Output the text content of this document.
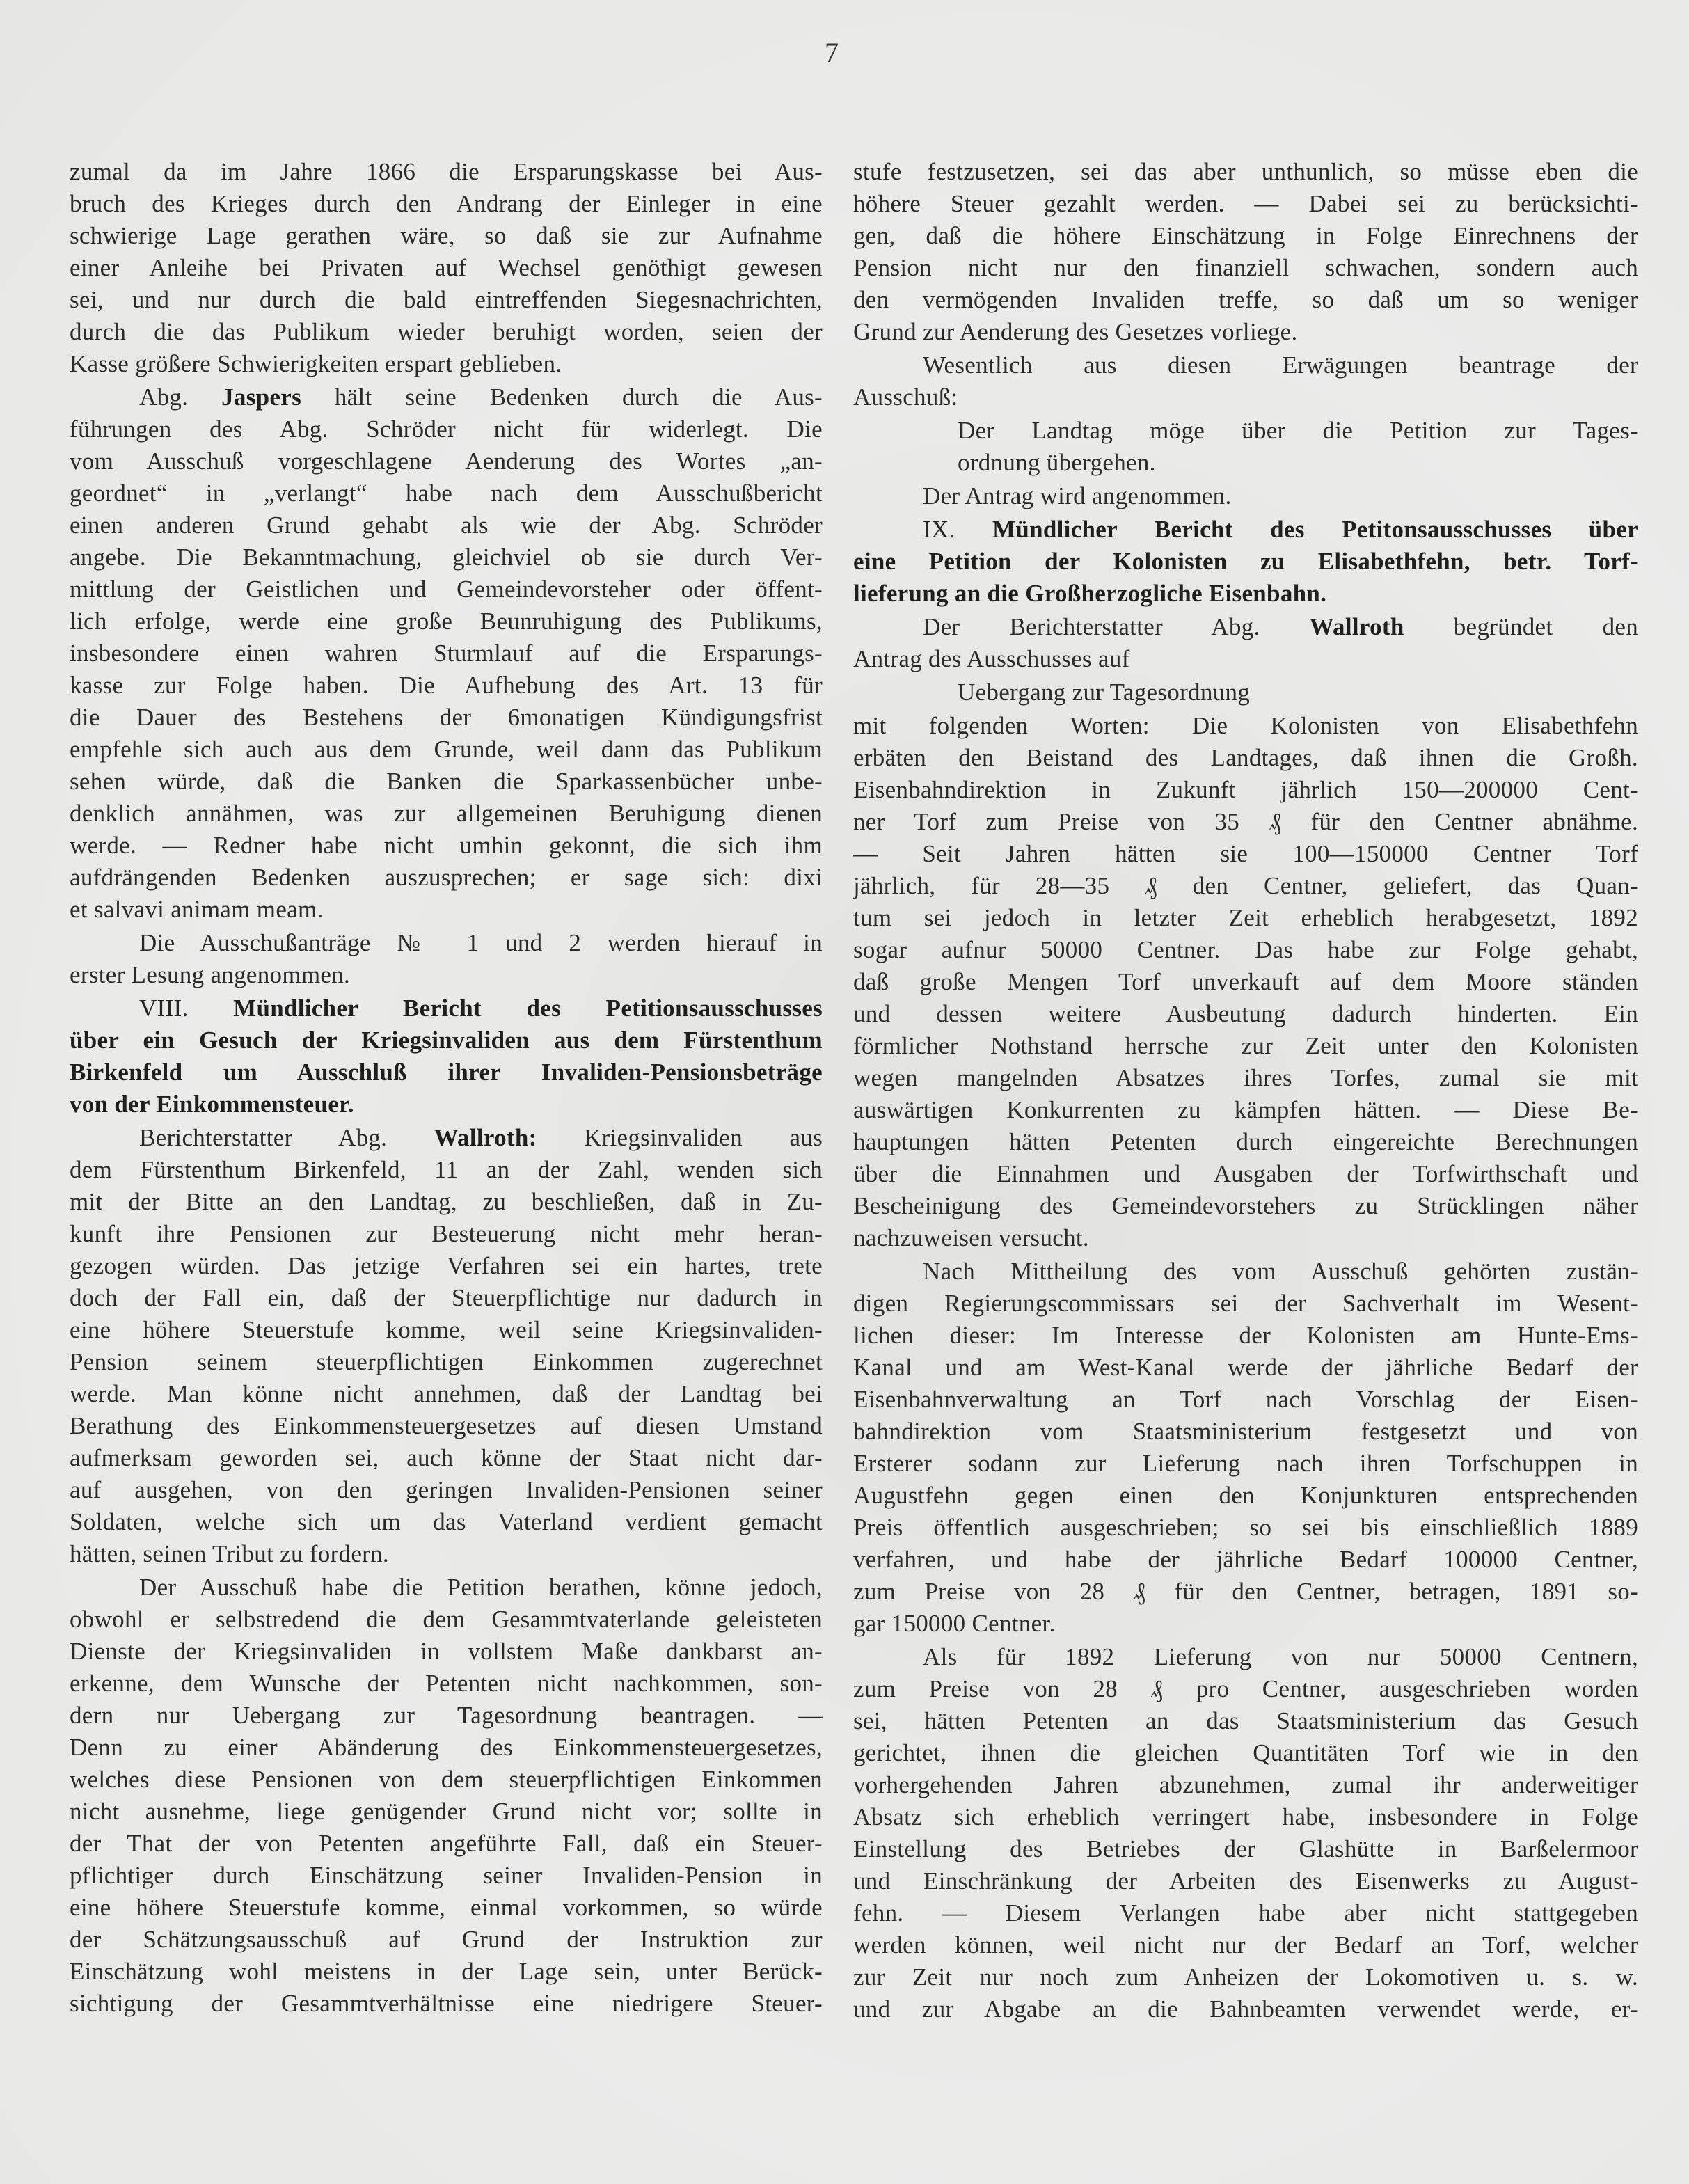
7
zumal da im Jahre 1866 die Ersparungskasse bei Aus-
bruch des Krieges durch den Andrang der Einleger in eine
schwierige Lage gerathen wäre, so daß sie zur Aufnahme
einer Anleihe bei Privaten auf Wechsel genöthigt gewesen
sei, und nur durch die bald eintreffenden Siegesnachrichten,
durch die das Publikum wieder beruhigt worden, seien der
Kasse größere Schwierigkeiten erspart geblieben.
Abg. Jaspers hält seine Bedenken durch die Aus-
führungen des Abg. Schröder nicht für widerlegt. Die
vom Ausschuß vorgeschlagene Aenderung des Wortes „an-
geordnet“ in „verlangt“ habe nach dem Ausschußbericht
einen anderen Grund gehabt als wie der Abg. Schröder
angebe. Die Bekanntmachung, gleichviel ob sie durch Ver-
mittlung der Geistlichen und Gemeindevorsteher oder öffent-
lich erfolge, werde eine große Beunruhigung des Publikums,
insbesondere einen wahren Sturmlauf auf die Ersparungs-
kasse zur Folge haben. Die Aufhebung des Art. 13 für
die Dauer des Bestehens der 6monatigen Kündigungsfrist
empfehle sich auch aus dem Grunde, weil dann das Publikum
sehen würde, daß die Banken die Sparkassenbücher unbe-
denklich annähmen, was zur allgemeinen Beruhigung dienen
werde. — Redner habe nicht umhin gekonnt, die sich ihm
aufdrängenden Bedenken auszusprechen; er sage sich: dixi
et salvavi animam meam.
Die Ausschußanträge № 1 und 2 werden hierauf in
erster Lesung angenommen.
VIII. Mündlicher Bericht des Petitionsausschusses
über ein Gesuch der Kriegsinvaliden aus dem Fürstenthum
Birkenfeld um Ausschluß ihrer Invaliden-Pensionsbeträge
von der Einkommensteuer.
Berichterstatter Abg. Wallroth: Kriegsinvaliden aus
dem Fürstenthum Birkenfeld, 11 an der Zahl, wenden sich
mit der Bitte an den Landtag, zu beschließen, daß in Zu-
kunft ihre Pensionen zur Besteuerung nicht mehr heran-
gezogen würden. Das jetzige Verfahren sei ein hartes, trete
doch der Fall ein, daß der Steuerpflichtige nur dadurch in
eine höhere Steuerstufe komme, weil seine Kriegsinvaliden-
Pension seinem steuerpflichtigen Einkommen zugerechnet
werde. Man könne nicht annehmen, daß der Landtag bei
Berathung des Einkommensteuergesetzes auf diesen Umstand
aufmerksam geworden sei, auch könne der Staat nicht dar-
auf ausgehen, von den geringen Invaliden-Pensionen seiner
Soldaten, welche sich um das Vaterland verdient gemacht
hätten, seinen Tribut zu fordern.
Der Ausschuß habe die Petition berathen, könne jedoch,
obwohl er selbstredend die dem Gesammtvaterlande geleisteten
Dienste der Kriegsinvaliden in vollstem Maße dankbarst an-
erkenne, dem Wunsche der Petenten nicht nachkommen, son-
dern nur Uebergang zur Tagesordnung beantragen. —
Denn zu einer Abänderung des Einkommensteuergesetzes,
welches diese Pensionen von dem steuerpflichtigen Einkommen
nicht ausnehme, liege genügender Grund nicht vor; sollte in
der That der von Petenten angeführte Fall, daß ein Steuer-
pflichtiger durch Einschätzung seiner Invaliden-Pension in
eine höhere Steuerstufe komme, einmal vorkommen, so würde
der Schätzungsausschuß auf Grund der Instruktion zur
Einschätzung wohl meistens in der Lage sein, unter Berück-
sichtigung der Gesammtverhältnisse eine niedrigere Steuer-
stufe festzusetzen, sei das aber unthunlich, so müsse eben die
höhere Steuer gezahlt werden. — Dabei sei zu berücksichti-
gen, daß die höhere Einschätzung in Folge Einrechnens der
Pension nicht nur den finanziell schwachen, sondern auch
den vermögenden Invaliden treffe, so daß um so weniger
Grund zur Aenderung des Gesetzes vorliege.
Wesentlich aus diesen Erwägungen beantrage der
Ausschuß:
Der Landtag möge über die Petition zur Tages-
ordnung übergehen.
Der Antrag wird angenommen.
IX. Mündlicher Bericht des Petitonsausschusses über
eine Petition der Kolonisten zu Elisabethfehn, betr. Torf-
lieferung an die Großherzogliche Eisenbahn.
Der Berichterstatter Abg. Wallroth begründet den
Antrag des Ausschusses auf
Uebergang zur Tagesordnung
mit folgenden Worten: Die Kolonisten von Elisabethfehn
erbäten den Beistand des Landtages, daß ihnen die Großh.
Eisenbahndirektion in Zukunft jährlich 150—200000 Cent-
ner Torf zum Preise von 35 ₰ für den Centner abnähme.
— Seit Jahren hätten sie 100—150000 Centner Torf
jährlich, für 28—35 ₰ den Centner, geliefert, das Quan-
tum sei jedoch in letzter Zeit erheblich herabgesetzt, 1892
sogar aufnur 50000 Centner. Das habe zur Folge gehabt,
daß große Mengen Torf unverkauft auf dem Moore ständen
und dessen weitere Ausbeutung dadurch hinderten. Ein
förmlicher Nothstand herrsche zur Zeit unter den Kolonisten
wegen mangelnden Absatzes ihres Torfes, zumal sie mit
auswärtigen Konkurrenten zu kämpfen hätten. — Diese Be-
hauptungen hätten Petenten durch eingereichte Berechnungen
über die Einnahmen und Ausgaben der Torfwirthschaft und
Bescheinigung des Gemeindevorstehers zu Strücklingen näher
nachzuweisen versucht.
Nach Mittheilung des vom Ausschuß gehörten zustän-
digen Regierungscommissars sei der Sachverhalt im Wesent-
lichen dieser: Im Interesse der Kolonisten am Hunte-Ems-
Kanal und am West-Kanal werde der jährliche Bedarf der
Eisenbahnverwaltung an Torf nach Vorschlag der Eisen-
bahndirektion vom Staatsministerium festgesetzt und von
Ersterer sodann zur Lieferung nach ihren Torfschuppen in
Augustfehn gegen einen den Konjunkturen entsprechenden
Preis öffentlich ausgeschrieben; so sei bis einschließlich 1889
verfahren, und habe der jährliche Bedarf 100000 Centner,
zum Preise von 28 ₰ für den Centner, betragen, 1891 so-
gar 150000 Centner.
Als für 1892 Lieferung von nur 50000 Centnern,
zum Preise von 28 ₰ pro Centner, ausgeschrieben worden
sei, hätten Petenten an das Staatsministerium das Gesuch
gerichtet, ihnen die gleichen Quantitäten Torf wie in den
vorhergehenden Jahren abzunehmen, zumal ihr anderweitiger
Absatz sich erheblich verringert habe, insbesondere in Folge
Einstellung des Betriebes der Glashütte in Barßelermoor
und Einschränkung der Arbeiten des Eisenwerks zu August-
fehn. — Diesem Verlangen habe aber nicht stattgegeben
werden können, weil nicht nur der Bedarf an Torf, welcher
zur Zeit nur noch zum Anheizen der Lokomotiven u. s. w.
und zur Abgabe an die Bahnbeamten verwendet werde, er-
